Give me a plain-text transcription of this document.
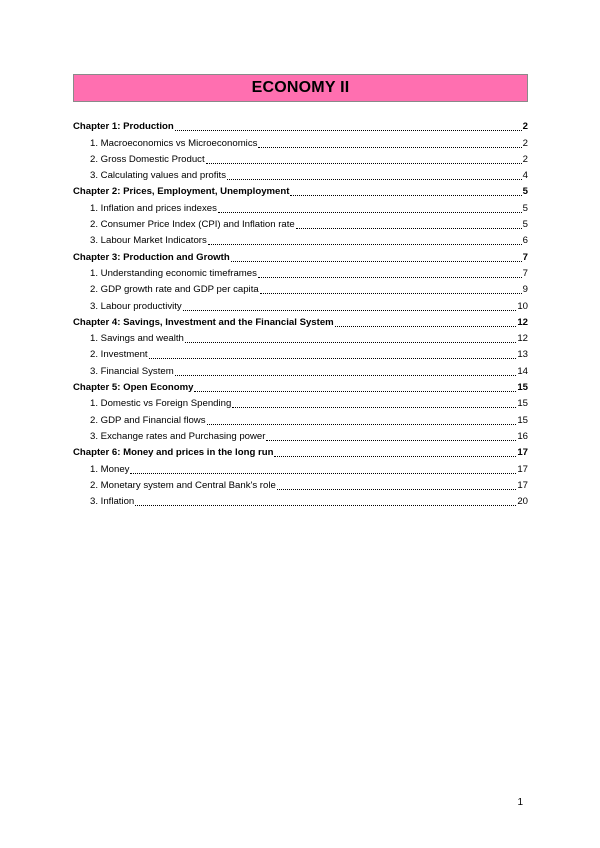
ECONOMY II
Chapter 1: Production	2
1. Macroeconomics vs Microeconomics	2
2. Gross Domestic Product	2
3. Calculating values and profits	4
Chapter 2: Prices, Employment, Unemployment	5
1. Inflation and prices indexes	5
2. Consumer Price Index (CPI) and Inflation rate	5
3. Labour Market Indicators	6
Chapter 3: Production and Growth	7
1. Understanding economic timeframes	7
2. GDP growth rate and GDP per capita	9
3. Labour productivity	10
Chapter 4: Savings, Investment and the Financial System	12
1. Savings and wealth	12
2. Investment	13
3. Financial System	14
Chapter 5: Open Economy	15
1. Domestic vs Foreign Spending	15
2. GDP and Financial flows	15
3. Exchange rates and Purchasing power	16
Chapter 6: Money and prices in the long run	17
1. Money	17
2. Monetary system and Central Bank's role	17
3. Inflation	20
1
